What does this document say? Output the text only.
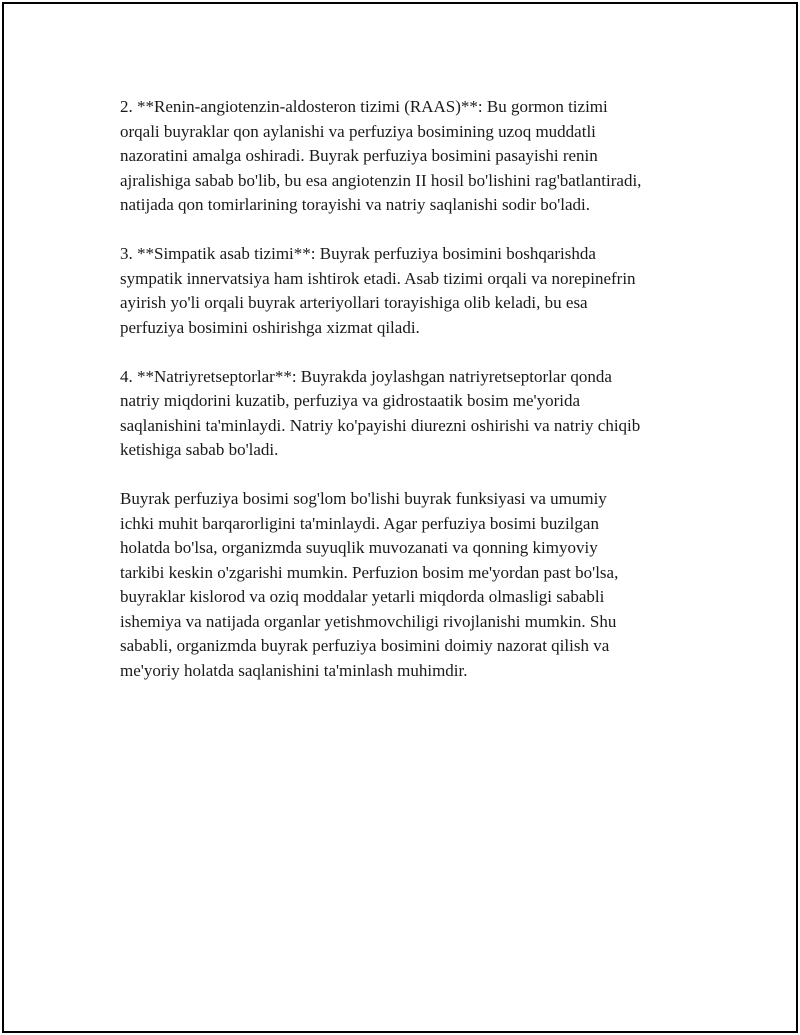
2. **Renin-angiotenzin-aldosteron tizimi (RAAS)**: Bu gormon tizimi
orqali buyraklar qon aylanishi va perfuziya bosimining uzoq muddatli
nazoratini amalga oshiradi. Buyrak perfuziya bosimini pasayishi renin
ajralishiga sabab bo'lib, bu esa angiotenzin II hosil bo'lishini rag'batlantiradi,
natijada qon tomirlarining torayishi va natriy saqlanishi sodir bo'ladi.

3. **Simpatik asab tizimi**: Buyrak perfuziya bosimini boshqarishda
sympatik innervatsiya ham ishtirok etadi. Asab tizimi orqali va norepinefrin
ayirish yo'li orqali buyrak arteriyollari torayishiga olib keladi, bu esa
perfuziya bosimini oshirishga xizmat qiladi.

4. **Natriyretseptorlar**: Buyrakda joylashgan natriyretseptorlar qonda
natriy miqdorini kuzatib, perfuziya va gidrostaatik bosim me'yorida
saqlanishini ta'minlaydi. Natriy ko'payishi diurezni oshirishi va natriy chiqib
ketishiga sabab bo'ladi.

Buyrak perfuziya bosimi sog'lom bo'lishi buyrak funksiyasi va umumiy
ichki muhit barqarorligini ta'minlaydi. Agar perfuziya bosimi buzilgan
holatda bo'lsa, organizmda suyuqlik muvozanati va qonning kimyoviy
tarkibi keskin o'zgarishi mumkin. Perfuzion bosim me'yordan past bo'lsa,
buyraklar kislorod va oziq moddalar yetarli miqdorda olmasligi sababli
ishemiya va natijada organlar yetishmovchiligi rivojlanishi mumkin. Shu
sababli, organizmda buyrak perfuziya bosimini doimiy nazorat qilish va
me'yoriy holatda saqlanishini ta'minlash muhimdir.
